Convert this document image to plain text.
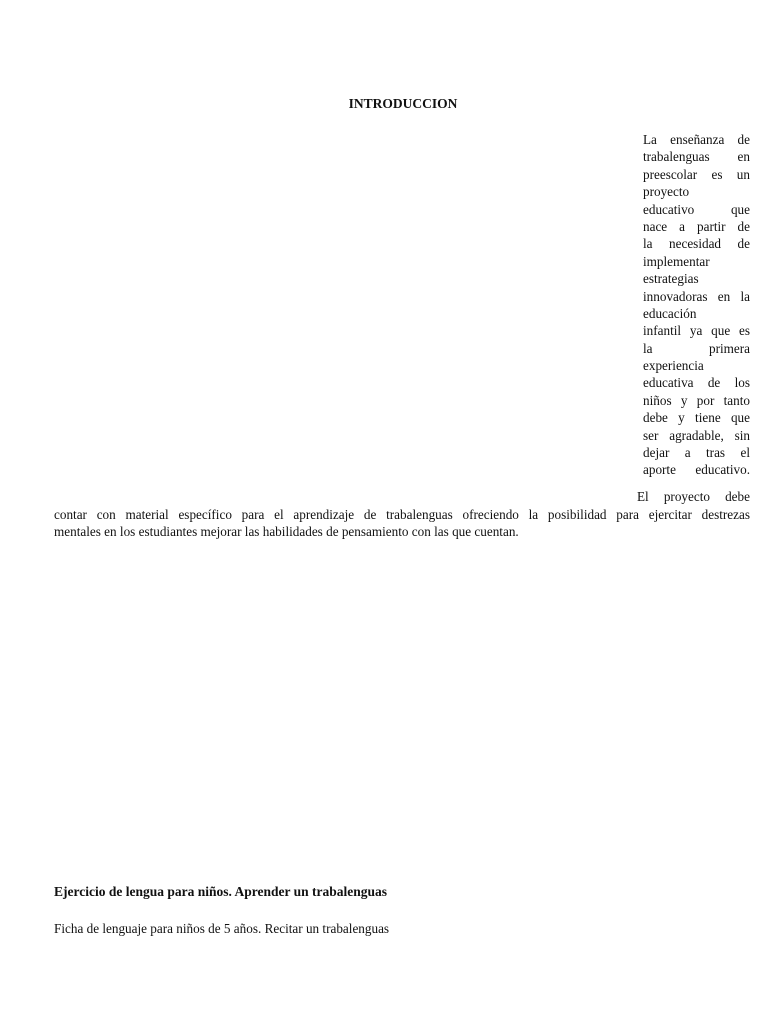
INTRODUCCION
La enseñanza de
trabalenguas en
preescolar es un
proyecto
educativo que
nace a partir de
la necesidad de
implementar
estrategias
innovadoras en la
educación
infantil ya que es
la primera
experiencia
educativa de los
niños y por tanto
debe y tiene que
ser agradable, sin
dejar a tras el
aporte educativo.
El proyecto debe
contar con material específico para el aprendizaje de trabalenguas ofreciendo la posibilidad para ejercitar destrezas
mentales en los estudiantes mejorar las habilidades de pensamiento con las que cuentan.
Ejercicio de lengua para niños. Aprender un trabalenguas

Ficha de lenguaje para niños de 5 años. Recitar un trabalenguas
